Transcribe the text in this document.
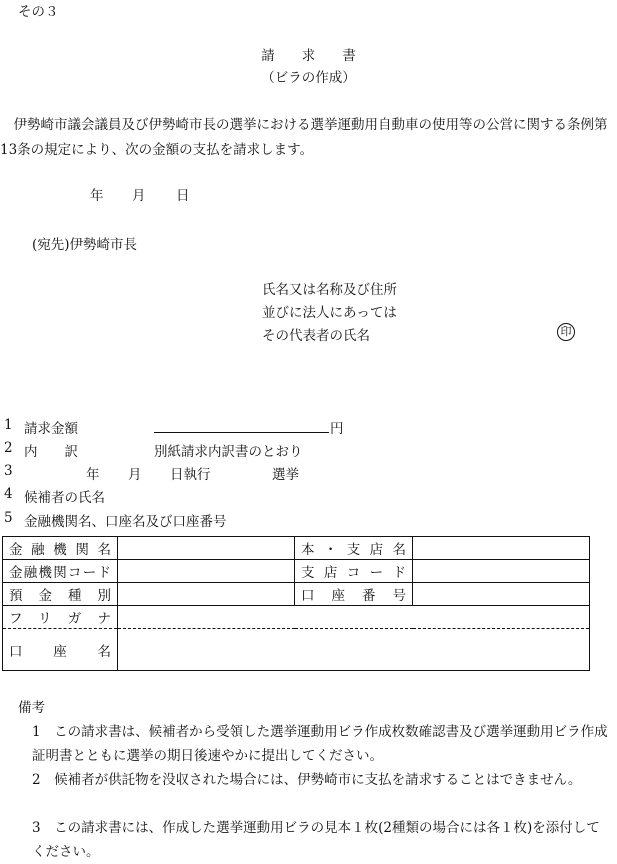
その３
請　　求　　書
（ビラの作成）
　伊勢崎市議会議員及び伊勢崎市長の選挙における選挙運動用自動車の使用等の公営に関する条例第13条の規定により、次の金額の支払を請求します。
年 月 日
(宛先)伊勢崎市長
氏名又は名称及び住所
並びに法人にあっては
その代表者の氏名	印
1 請求金額	円
2 内　　訳	別紙請求内訳書のとおり
3	年 月 日執行	選挙
4 候補者の氏名
5 金融機関名、口座名及び口座番号
金融機関名		本・支店名	
金融機関コード		支店コード	
預金種別		口座番号	
フリガナ			
口座名			
備考
1　この請求書は、候補者から受領した選挙運動用ビラ作成枚数確認書及び選挙運動用ビラ作成証明書とともに選挙の期日後速やかに提出してください。
2　候補者が供託物を没収された場合には、伊勢崎市に支払を請求することはできません。
3　この請求書には、作成した選挙運動用ビラの見本１枚(2種類の場合には各１枚)を添付してください。
